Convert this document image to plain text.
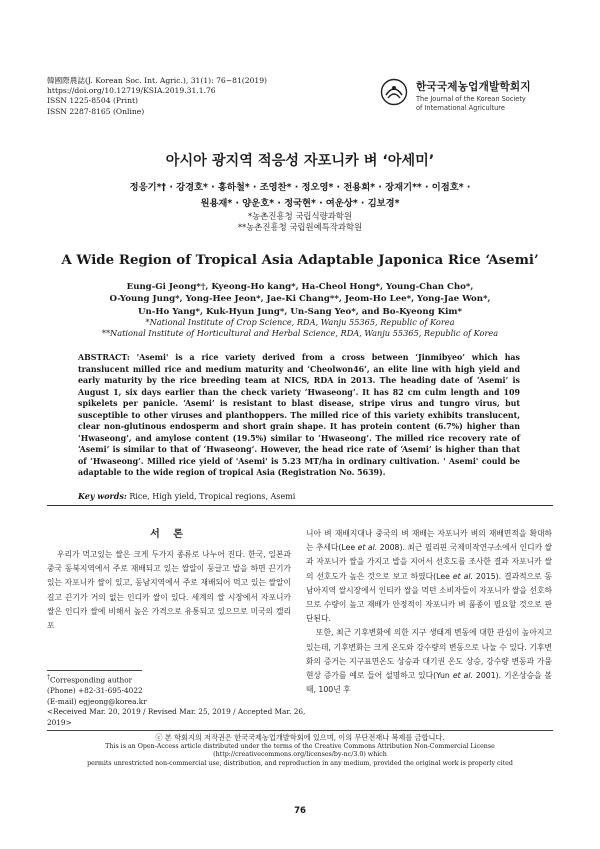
韓國際農誌(J. Korean Soc. Int. Agric.), 31(1): 76~81(2019)
https://doi.org/10.12719/KSIA.2019.31.1.76
ISSN 1225-8504 (Print)
ISSN 2287-8165 (Online)
한국국제농업개발학회지
The Journal of the Korean Society
of International Agriculture
아시아 광지역 적응성 자포니카 벼 ‘아세미’
정응기*† · 강경호* · 홍하철* · 조영찬* · 정오영* · 전용희* · 장재기** · 이점호* ·
원용재* · 양운호* · 정국현* · 여운상* · 김보경*
*농촌진흥청 국립식량과학원
**농촌진흥청 국립원예특작과학원
A Wide Region of Tropical Asia Adaptable Japonica Rice ‘Asemi’
Eung-Gi Jeong*†, Kyeong-Ho kang*, Ha-Cheol Hong*, Young-Chan Cho*,
O-Young Jung*, Yong-Hee Jeon*, Jae-Ki Chang**, Jeom-Ho Lee*, Yong-Jae Won*,
Un-Ho Yang*, Kuk-Hyun Jung*, Un-Sang Yeo*, and Bo-Kyeong Kim*
*National Institute of Crop Science, RDA, Wanju 55365, Republic of Korea
**National Institute of Horticultural and Herbal Science, RDA, Wanju 55365, Republic of Korea
ABSTRACT: 'Asemi' is a rice variety derived from a cross between ‘Jinmibyeo’ which has translucent milled rice and medium maturity and ‘Cheolwon46’, an elite line with high yield and early maturity by the rice breeding team at NICS, RDA in 2013. The heading date of ‘Asemi’ is August 1, six days earlier than the check variety ‘Hwaseong’. It has 82 cm culm length and 109 spikelets per panicle. ‘Asemi’ is resistant to blast disease, stripe virus and tungro virus, but susceptible to other viruses and planthoppers. The milled rice of this variety exhibits translucent, clear non-glutinous endosperm and short grain shape. It has protein content (6.7%) higher than ‘Hwaseong’, and amylose content (19.5%) similar to ‘Hwaseong’. The milled rice recovery rate of ‘Asemi’ is similar to that of ‘Hwaseong’. However, the head rice rate of ‘Asemi’ is higher than that of ‘Hwaseong’. Milled rice yield of 'Asemi' is 5.23 MT/ha in ordinary cultivation. ' Asemi' could be adaptable to the wide region of tropical Asia (Registration No. 5639).
Key words: Rice, High yield, Tropical regions, Asemi
서 론
우리가 먹고있는 쌀은 크게 두가지 종류로 나누어 진다. 한국, 일본과 중국 동북지역에서 주로 재배되고 있는 쌀알이 둥글고 밥을 하면 끈기가 있는 자포니카 쌀이 있고, 동남지역에서 주로 재배되어 먹고 있는 쌀알이 길고 끈기가 거의 없는 인디카 쌀이 있다. 세계의 쌀 시장에서 자포니카 쌀은 인디카 쌀에 비해서 높은 가격으로 유통되고 있으므로 미국의 캘리포

니아 벼 재배지대나 중국의 벼 재배는 자포니카 벼의 재배면적을 확대하는 추세다(Lee et al. 2008). 최근 필리핀 국제미작연구소에서 인디카 쌀과 자포니카 쌀을 가지고 밥을 지어서 선호도를 조사한 결과 자포니카 쌀의 선호도가 높은 것으로 보고 하였다(Lee et al. 2015). 결과적으로 동남아지역 쌀시장에서 인티카 쌀을 먹던 소비자들이 자포니카 쌀을 선호하므로 수량이 높고 재배가 안정적이 자포니카 벼 품종이 필요할 것으로 판단된다.

또한, 최근 기후변화에 의한 지구 생태계 변동에 대한 관심이 높아지고 있는데, 기후변화는 크게 온도와 강수량의 변동으로 나눌 수 있다. 기후변화의 증거는 지구표면온도 상승과 대기권 온도 상승, 강수량 변동과 가뭄현상 증가를 예로 들어 설명하고 있다(Yun et al. 2001). 기온상승을 볼 때, 100년 후

†Corresponding author
(Phone) +82-31-695-4022
(E-mail) egjeong@korea.kr
<Received Mar. 20, 2019 / Revised Mar. 25, 2019 / Accepted Mar. 26, 2019>
ⓒ 본 학회지의 저작권은 한국국제농업개발학회에 있으며, 이의 무단전재나 복제를 금합니다.
This is an Open-Access article distributed under the terms of the Creative Commons Attribution Non-Commercial License (http://creativecommons.org/licenses/by-nc/3.0) which
permits unrestricted non-commercial use, distribution, and reproduction in any medium, provided the original work is properly cited
76
